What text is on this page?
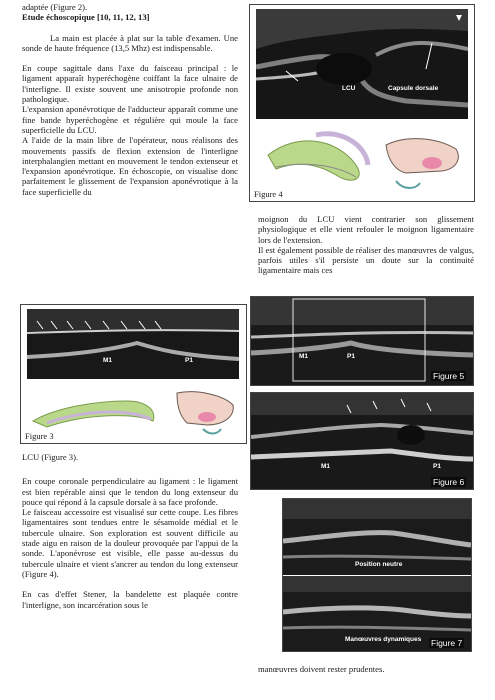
adaptée (Figure 2).

Etude échoscopique [10, 11, 12, 13]

La main est placée à plat sur la table d'examen. Une sonde de haute fréquence (13,5 Mhz) est indispensable.

En coupe sagittale dans l'axe du faisceau principal : le ligament apparaît hyperéchogène coiffant la face ulnaire de l'interligne. Il existe souvent une anisotropie profonde non pathologique.

L'expansion aponévrotique de l'adducteur apparaît comme une fine bande hyperéchogène et régulière qui moule la face superficielle du LCU.

A l'aide de la main libre de l'opérateur, nous réalisons des mouvements passifs de flexion extension de l'interligne interphalangien mettant en mouvement le tendon extenseur et l'expansion aponévrotique. En échoscopie, on visualise donc parfaitement le glissement de l'expansion aponévrotique à la face superficielle du

LCU	Capsule dorsale
Figure 4

moignon du LCU vient contrarier son glissement physiologique et elle vient refouler le moignon ligamentaire lors de l'extension.

Il est également possible de réaliser des manœuvres de valgus, parfois utiles s'il persiste un doute sur la continuité ligamentaire mais ces

M1	P1
Figure 3
M1	P1
Figure 5
M1	P1
Figure 6

LCU (Figure 3).

En coupe coronale perpendiculaire au ligament : le ligament est bien repérable ainsi que le tendon du long extenseur du pouce qui répond à la capsule dorsale à sa face profonde.

Le faisceau accessoire est visualisé sur cette coupe. Les fibres ligamentaires sont tendues entre le sésamoïde médial et le tubercule ulnaire. Son exploration est souvent difficile au stade aigu en raison de la douleur provoquée par l'appui de la sonde. L'aponévrose est visible, elle passe au-dessus du tubercule ulnaire et vient s'ancrer au tendon du long extenseur (Figure 4).

En cas d'effet Stener, la bandelette est plaquée contre l'interligne, son incarcération sous le

Position neutre
Manœuvres dynamiques Figure 7

manœuvres doivent rester prudentes.
